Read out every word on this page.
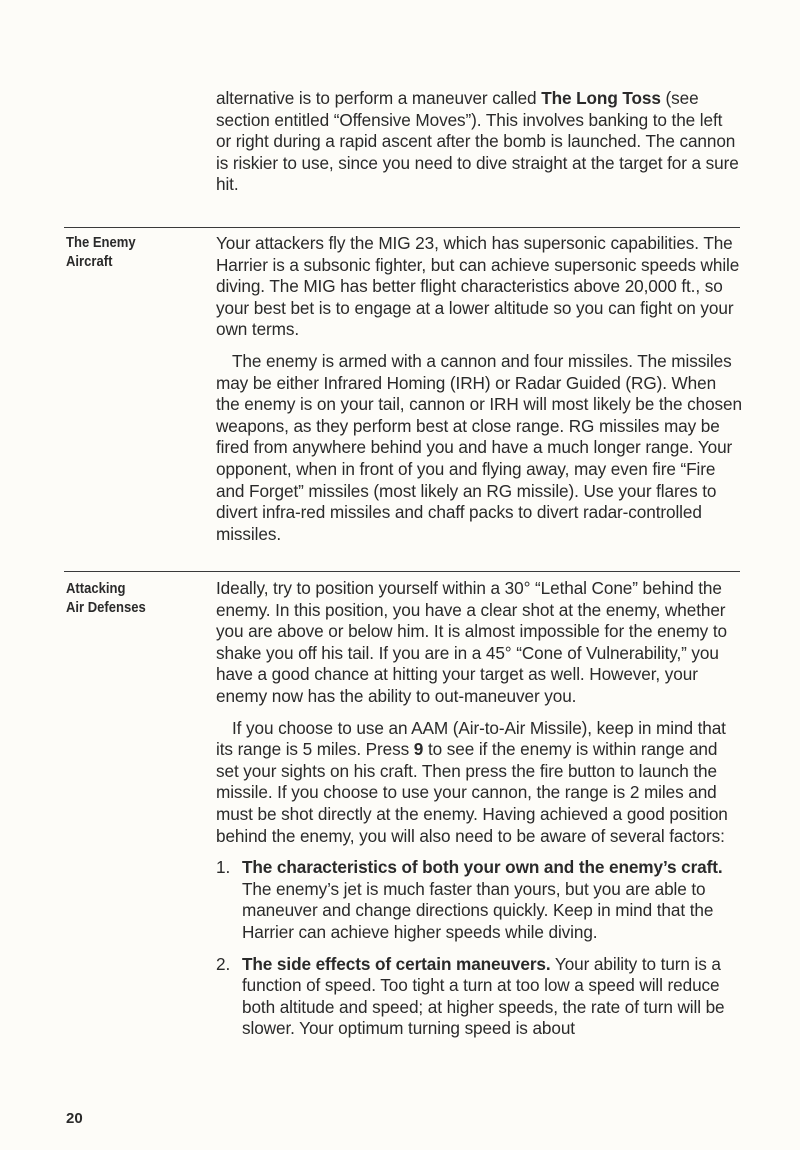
alternative is to perform a maneuver called The Long Toss (see section entitled “Offensive Moves”). This involves banking to the left or right during a rapid ascent after the bomb is launched. The cannon is riskier to use, since you need to dive straight at the target for a sure hit.

The Enemy
Aircraft

Your attackers fly the MIG 23, which has supersonic capabilities. The Harrier is a subsonic fighter, but can achieve supersonic speeds while diving. The MIG has better flight characteristics above 20,000 ft., so your best bet is to engage at a lower altitude so you can fight on your own terms.

The enemy is armed with a cannon and four missiles. The missiles may be either Infrared Homing (IRH) or Radar Guided (RG). When the enemy is on your tail, cannon or IRH will most likely be the chosen weapons, as they perform best at close range. RG missiles may be fired from anywhere behind you and have a much longer range. Your opponent, when in front of you and flying away, may even fire “Fire and Forget” missiles (most likely an RG missile). Use your flares to divert infra-red missiles and chaff packs to divert radar-controlled missiles.

Attacking
Air Defenses

Ideally, try to position yourself within a 30° “Lethal Cone” behind the enemy. In this position, you have a clear shot at the enemy, whether you are above or below him. It is almost impossible for the enemy to shake you off his tail. If you are in a 45° “Cone of Vulnerability,” you have a good chance at hitting your target as well. However, your enemy now has the ability to out-maneuver you.

If you choose to use an AAM (Air-to-Air Missile), keep in mind that its range is 5 miles. Press 9 to see if the enemy is within range and set your sights on his craft. Then press the fire button to launch the missile. If you choose to use your cannon, the range is 2 miles and must be shot directly at the enemy. Having achieved a good position behind the enemy, you will also need to be aware of several factors:

1. The characteristics of both your own and the enemy’s craft. The enemy’s jet is much faster than yours, but you are able to maneuver and change directions quickly. Keep in mind that the Harrier can achieve higher speeds while diving.
2. The side effects of certain maneuvers. Your ability to turn is a function of speed. Too tight a turn at too low a speed will reduce both altitude and speed; at higher speeds, the rate of turn will be slower. Your optimum turning speed is about
20
